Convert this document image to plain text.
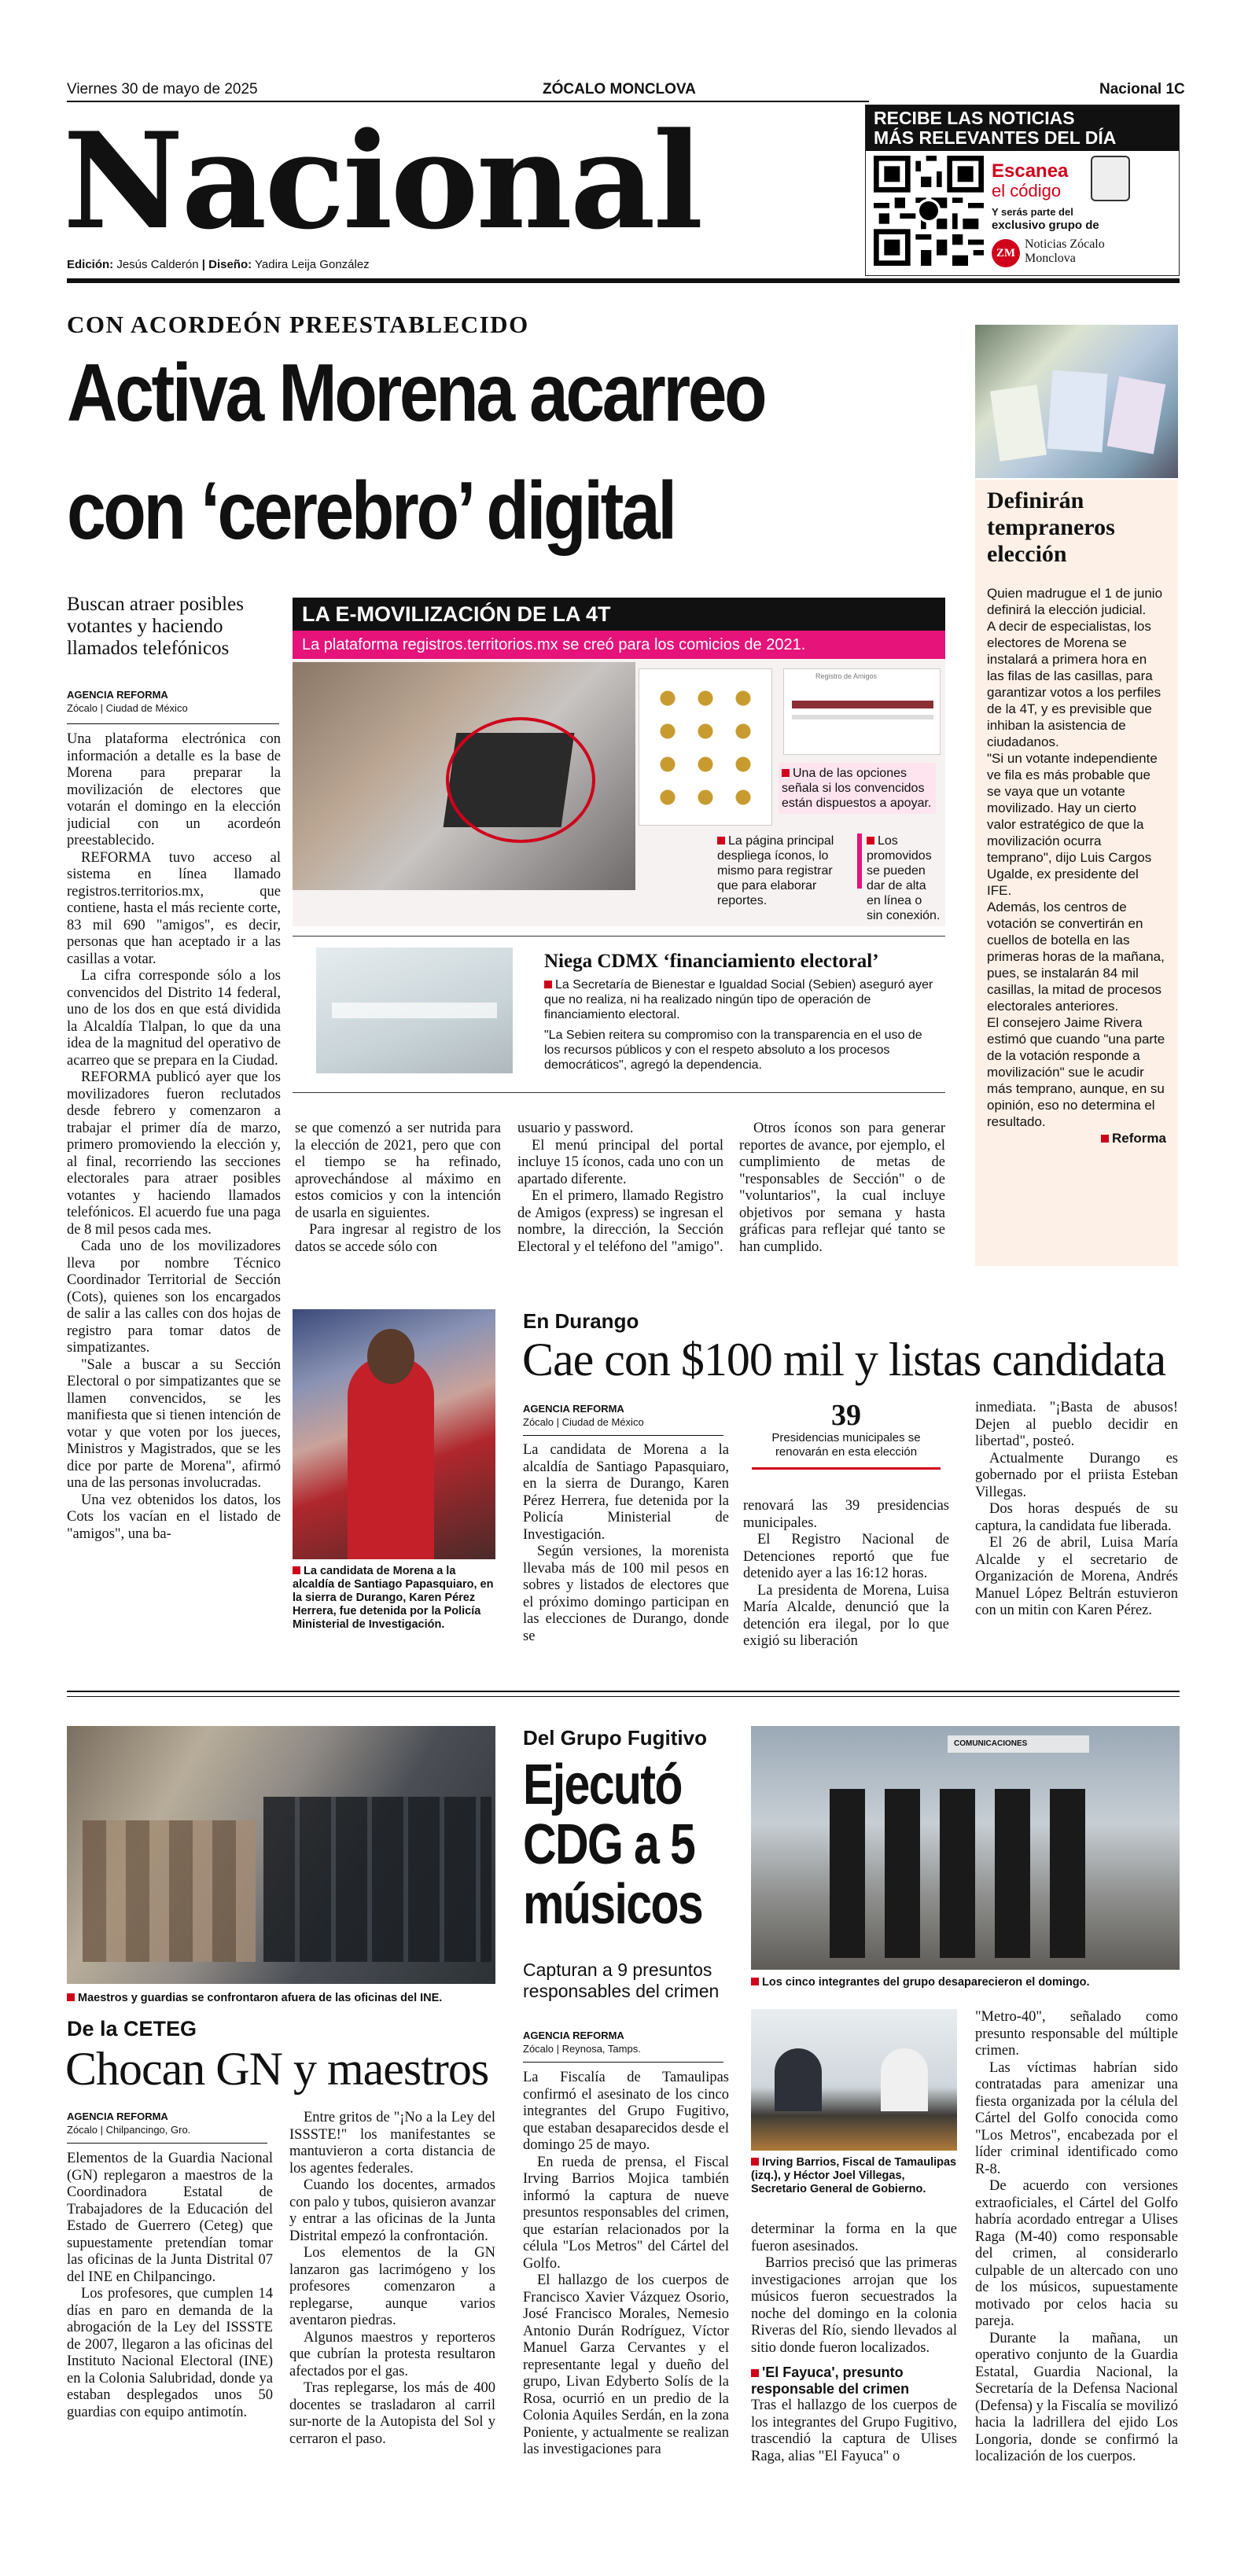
Viernes 30 de mayo de 2025	ZÓCALO MONCLOVA	Nacional 1C
Nacional
Edición: Jesús Calderón | Diseño: Yadira Leija González
RECIBE LAS NOTICIAS
MÁS RELEVANTES DEL DÍA
Escanea
el código
Y serás parte del
exclusivo grupo de
ZM
Noticias Zócalo
Monclova
CON ACORDEÓN PREESTABLECIDO
Activa Morena acarreo
con ‘cerebro’ digital
Buscan atraer posibles votantes y haciendo llamados telefónicos
AGENCIA REFORMA
Zócalo | Ciudad de México

Una plataforma electrónica con información a detalle es la base de Morena para preparar la movilización de electores que votarán el domingo en la elección judicial con un acordeón preestablecido.

REFORMA tuvo acceso al sistema en línea llamado registros.territorios.mx, que contiene, hasta el más reciente corte, 83 mil 690 "amigos", es decir, personas que han aceptado ir a las casillas a votar.

La cifra corresponde sólo a los convencidos del Distrito 14 federal, uno de los dos en que está dividida la Alcaldía Tlalpan, lo que da una idea de la magnitud del operativo de acarreo que se prepara en la Ciudad.

REFORMA publicó ayer que los movilizadores fueron reclutados desde febrero y comenzaron a trabajar el primer día de marzo, primero promoviendo la elección y, al final, recorriendo las secciones electorales para atraer posibles votantes y haciendo llamados telefónicos. El acuerdo fue una paga de 8 mil pesos cada mes.

Cada uno de los movilizadores lleva por nombre Técnico Coordinador Territorial de Sección (Cots), quienes son los encargados de salir a las calles con dos hojas de registro para tomar datos de simpatizantes.

"Sale a buscar a su Sección Electoral o por simpatizantes que se llamen convencidos, se les manifiesta que si tienen intención de votar y que voten por los jueces, Ministros y Magistrados, que se les dice por parte de Morena", afirmó una de las personas involucradas.

Una vez obtenidos los datos, los Cots los vacían en el listado de "amigos", una ba-

LA E-MOVILIZACIÓN DE LA 4T
La plataforma registros.territorios.mx se creó para los comicios de 2021.
Registro de Amigos
Una de las opciones señala si los convencidos están dispuestos a apoyar.
La página principal despliega íconos, lo mismo para registrar que para elaborar reportes.
Los promovidos se pueden dar de alta en línea o sin conexión.
Niega CDMX ‘financiamiento electoral’
La Secretaría de Bienestar e Igualdad Social (Sebien) aseguró ayer que no realiza, ni ha realizado ningún tipo de operación de financiamiento electoral.
"La Sebien reitera su compromiso con la transparencia en el uso de los recursos públicos y con el respeto absoluto a los procesos democráticos", agregó la dependencia.

se que comenzó a ser nutrida para la elección de 2021, pero que con el tiempo se ha refinado, aprovechándose al máximo en estos comicios y con la intención de usarla en siguientes.

Para ingresar al registro de los datos se accede sólo con

usuario y password.

El menú principal del portal incluye 15 íconos, cada uno con un apartado diferente.

En el primero, llamado Registro de Amigos (express) se ingresan el nombre, la dirección, la Sección Electoral y el teléfono del "amigo".

Otros íconos son para generar reportes de avance, por ejemplo, el cumplimiento de metas de "responsables de Sección" o de "voluntarios", la cual incluye objetivos por semana y hasta gráficas para reflejar qué tanto se han cumplido.

Definirán tempraneros elección

Quien madrugue el 1 de junio definirá la elección judicial.

A decir de especialistas, los electores de Morena se instalará a primera hora en las filas de las casillas, para garantizar votos a los perfiles de la 4T, y es previsible que inhiban la asistencia de ciudadanos.

"Si un votante independiente ve fila es más probable que se vaya que un votante movilizado. Hay un cierto valor estratégico de que la movilización ocurra temprano", dijo Luis Cargos Ugalde, ex presidente del IFE.

Además, los centros de votación se convertirán en cuellos de botella en las primeras horas de la mañana, pues, se instalarán 84 mil casillas, la mitad de procesos electorales anteriores.

El consejero Jaime Rivera estimó que cuando "una parte de la votación responde a movilización" sue le acudir más temprano, aunque, en su opinión, eso no determina el resultado.

Reforma

La candidata de Morena a la alcaldía de Santiago Papasquiaro, en la sierra de Durango, Karen Pérez Herrera, fue detenida por la Policía Ministerial de Investigación.
En Durango
Cae con $100 mil y listas candidata
AGENCIA REFORMA
Zócalo | Ciudad de México

La candidata de Morena a la alcaldía de Santiago Papasquiaro, en la sierra de Durango, Karen Pérez Herrera, fue detenida por la Policía Ministerial de Investigación.

Según versiones, la morenista llevaba más de 100 mil pesos en sobres y listados de electores que el próximo domingo participan en las elecciones de Durango, donde se

39
Presidencias municipales se renovarán en esta elección

renovará las 39 presidencias municipales.

El Registro Nacional de Detenciones reportó que fue detenido ayer a las 16:12 horas.

La presidenta de Morena, Luisa María Alcalde, denunció que la detención era ilegal, por lo que exigió su liberación

inmediata. "¡Basta de abusos! Dejen al pueblo decidir en libertad", posteó.

Actualmente Durango es gobernado por el priista Esteban Villegas.

Dos horas después de su captura, la candidata fue liberada.

El 26 de abril, Luisa María Alcalde y el secretario de Organización de Morena, Andrés Manuel López Beltrán estuvieron con un mitin con Karen Pérez.

Maestros y guardias se confrontaron afuera de las oficinas del INE.
De la CETEG
Chocan GN y maestros
AGENCIA REFORMA
Zócalo | Chilpancingo, Gro.

Elementos de la Guardia Nacional (GN) replegaron a maestros de la Coordinadora Estatal de Trabajadores de la Educación del Estado de Guerrero (Ceteg) que supuestamente pretendían tomar las oficinas de la Junta Distrital 07 del INE en Chilpancingo.

Los profesores, que cumplen 14 días en paro en demanda de la abrogación de la Ley del ISSSTE de 2007, llegaron a las oficinas del Instituto Nacional Electoral (INE) en la Colonia Salubridad, donde ya estaban desplegados unos 50 guardias con equipo antimotín.

Entre gritos de "¡No a la Ley del ISSSTE!" los manifestantes se mantuvieron a corta distancia de los agentes federales.

Cuando los docentes, armados con palo y tubos, quisieron avanzar y entrar a las oficinas de la Junta Distrital empezó la confrontación.

Los elementos de la GN lanzaron gas lacrimógeno y los profesores comenzaron a replegarse, aunque varios aventaron piedras.

Algunos maestros y reporteros que cubrían la protesta resultaron afectados por el gas.

Tras replegarse, los más de 400 docentes se trasladaron al carril sur-norte de la Autopista del Sol y cerraron el paso.

Del Grupo Fugitivo
Ejecutó CDG a 5 músicos
Capturan a 9 presuntos responsables del crimen
AGENCIA REFORMA
Zócalo | Reynosa, Tamps.

La Fiscalía de Tamaulipas confirmó el asesinato de los cinco integrantes del Grupo Fugitivo, que estaban desaparecidos desde el domingo 25 de mayo.

En rueda de prensa, el Fiscal Irving Barrios Mojica también informó la captura de nueve presuntos responsables del crimen, que estarían relacionados por la célula "Los Metros" del Cártel del Golfo.

El hallazgo de los cuerpos de Francisco Xavier Vázquez Osorio, José Francisco Morales, Nemesio Antonio Durán Rodríguez, Víctor Manuel Garza Cervantes y el representante legal y dueño del grupo, Livan Edyberto Solís de la Rosa, ocurrió en un predio de la Colonia Aquiles Serdán, en la zona Poniente, y actualmente se realizan las investigaciones para

COMUNICACIONES
Los cinco integrantes del grupo desaparecieron el domingo.
Irving Barrios, Fiscal de Tamaulipas (izq.), y Héctor Joel Villegas, Secretario General de Gobierno.

determinar la forma en la que fueron asesinados.

Barrios precisó que las primeras investigaciones arrojan que los músicos fueron secuestrados la noche del domingo en la colonia Riveras del Río, siendo llevados al sitio donde fueron localizados.

'El Fayuca', presunto responsable del crimen

Tras el hallazgo de los cuerpos de los integrantes del Grupo Fugitivo, trascendió la captura de Ulises Raga, alias "El Fayuca" o

"Metro-40", señalado como presunto responsable del múltiple crimen.

Las víctimas habrían sido contratadas para amenizar una fiesta organizada por la célula del Cártel del Golfo conocida como "Los Metros", encabezada por el líder criminal identificado como R-8.

De acuerdo con versiones extraoficiales, el Cártel del Golfo habría acordado entregar a Ulises Raga (M-40) como responsable del crimen, al considerarlo culpable de un altercado con uno de los músicos, supuestamente motivado por celos hacia su pareja.

Durante la mañana, un operativo conjunto de la Guardia Estatal, Guardia Nacional, la Secretaría de la Defensa Nacional (Defensa) y la Fiscalía se movilizó hacia la ladrillera del ejido Los Longoria, donde se confirmó la localización de los cuerpos.
